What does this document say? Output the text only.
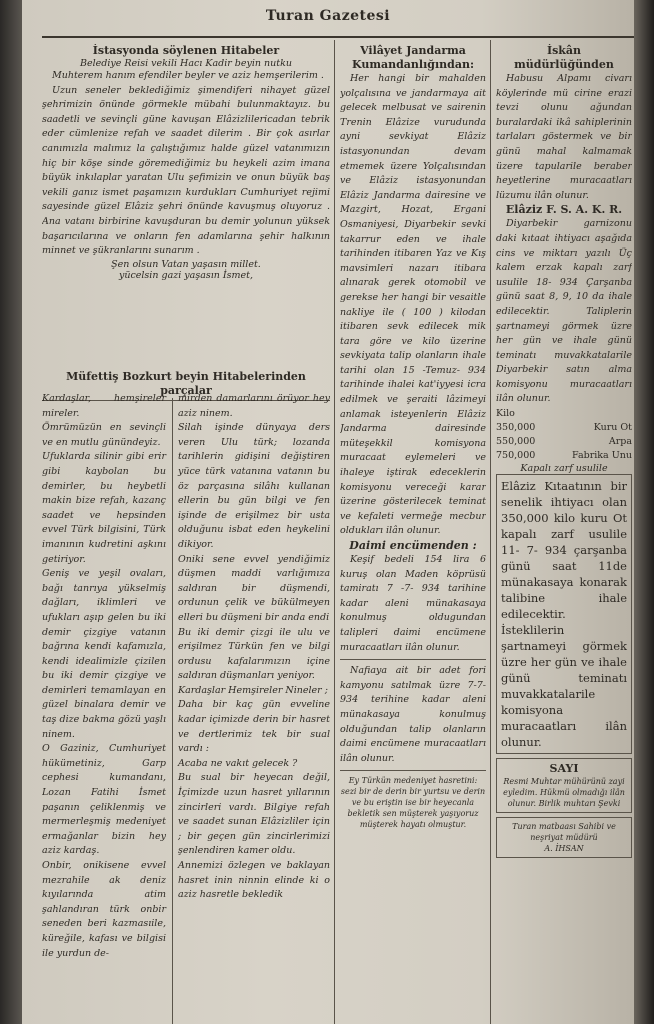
Turan Gazetesi
İstasyonda söylenen Hitabeler
Belediye Reisi vekili Hacı Kadir beyin nutku

Muhterem hanım efendiler beyler ve aziz hemşerilerim .

Uzun seneler beklediğimiz şimendiferi nihayet güzel şehrimizin önünde görmekle mübahi bulunmaktayız. bu saadetli ve sevinçli güne kavuşan Elâzizlilericadan tebrik eder cümlenize refah ve saadet dilerim . Bir çok asırlar canımızla malımız la çalıştığımız halde güzel vatanımızın hiç bir köşe sinde göremediğimiz bu heykeli azim imana büyük inkılaplar yaratan Ulu şefimizin ve onun büyük baş vekili ganız ismet paşamızın kurdukları Cumhuriyet rejimi sayesinde güzel Elâziz şehri önünde kavuşmuş oluyoruz . Ana vatanı birbirine kavuşduran bu demir yolunun yüksek başarıcılarına ve onların fen adamlarına şehir halkının minnet ve şükranlarını sunarım .

Şen olsun Vatan yaşasın millet.
yücelsin gazi yaşasın İsmet,
Müfettiş Bozkurt beyin Hitabelerinden parçalar
Kardaşlar, hemşireler mireler.
Ömrümüzün en sevinçli ve en mutlu günündeyiz.
Ufuklarda silinir gibi erir gibi kaybolan bu demirler, bu heybetli makin bize refah, kazanç saadet ve hepsinden evvel Türk bilgisini, Türk imanının kudretini aşkını getiriyor.
Geniş ve yeşil ovaları, bağı tanrıya yükselmiş dağları, iklimleri ve ufukları aşıp gelen bu iki demir çizgiye vatanın bağrına kendi kafamızla, kendi idealimizle çizilen bu iki demir çizgiye ve demirleri temamlayan en güzel binalara demir ve taş dize bakma gözü yaşlı ninem.
O Gaziniz, Cumhuriyet hükümetiniz, Garp cephesi kumandanı, Lozan Fatihi İsmet paşanın çeliklenmiş ve mermerleşmiş medeniyet ermağanlar bizin hey aziz kardaş.
Onbir, onikisene evvel mezrahile ak deniz kıyılarında atim şahlandıran türk onbir seneden beri kazmasıile, küreğile, kafası ve bilgisi ile yurdun de-
mirden damarlarını örüyor hey aziz ninem.
Silah işinde dünyaya ders veren Ulu türk; lozanda tarihlerin gidişini değiştiren yüce türk vatanına vatanın bu öz parçasına silâhı kullanan ellerin bu gün bilgi ve fen işinde de erişilmez bir usta olduğunu isbat eden heykelini dikiyor.
Oniki sene evvel yendiğimiz düşmen maddi varlığımıza saldıran bir düşmendi, ordunun çelik ve bükülmeyen elleri bu düşmeni bir anda endi
Bu iki demir çizgi ile ulu ve erişilmez Türkün fen ve bilgi ordusu kafalarımızın içine saldıran düşmanları yeniyor.
Kardaşlar Hemşireler Nineler ;
Daha bir kaç gün evveline kadar içimizde derin bir hasret ve dertlerimiz tek bir sual vardı :
Acaba ne vakıt gelecek ?
Bu sual bir heyecan değil, İçimizde uzun hasret yıllarının zincirleri vardı. Bilgiye refah ve saadet sunan Elâzizliler için ; bir geçen gün zincirlerimizi şenlendiren kamer oldu.
Annemizi özlegen ve baklayan hasret inin ninnin elinde ki o aziz hasretle bekledik
Vilâyet Jandarma Kumandanlığından:

Her hangi bir mahalden yolçalısına ve jandarmaya ait gelecek melbusat ve sairenin Trenin Elâzize vurudunda ayni sevkiyat Elâziz istasyonundan devam etmemek üzere Yolçalısından ve Elâziz istasyonundan Elâziz Jandarma dairesine ve Mazgirt, Hozat, Ergani Osmaniyesi, Diyarbekir sevki takarrur eden ve ihale tarihinden itibaren Yaz ve Kış mavsimleri nazarı itibara alınarak gerek otomobil ve gerekse her hangi bir vesaitle nakliye ile ( 100 ) kilodan itibaren sevk edilecek mik tara göre ve kilo üzerine sevkiyata talip olanların ihale tarihi olan 15 -Temuz- 934 tarihinde ihalei kat'iyyesi icra edilmek ve şeraiti lâzimeyi anlamak isteyenlerin Elâziz Jandarma dairesinde müteşekkil komisyona muracaat eylemeleri ve ihaleye iştirak edeceklerin komisyonu vereceği karar üzerine gösterilecek teminat ve kefaleti vermeğe mecbur oldukları ilân olunur.

Daimi encümenden :

Keşif bedeli 154 lira 6 kuruş olan Maden köprüsü tamiratı 7 -7- 934 tarihine kadar aleni münakasaya konulmuş oldugundan talipleri daimi encümene muracaatları ilân olunur.

Nafiaya ait bir adet fori kamyonu satılmak üzre 7-7- 934 terihine kadar aleni münakasaya konulmuş olduğundan talip olanların daimi encümene muracaatları ilân olunur.

Ey Türkün medeniyet hasretini: sezi bir de derin bir yurtsu ve derin ve bu eriştin ise bir heyecanla bekletik sen müşterek yaşıyoruz müşterek hayatı olmuştur.
İskân müdürlüğünden

Habusu Alpamı civarı köylerinde mü cirine erazi tevzi olunu ağundan buralardaki ikâ sahiplerinin tarlaları göstermek ve bir günü mahal kalmamak üzere tapularile beraber heyetlerine muracaatları lüzumu ilân olunur.

Elâziz F. S. A. K. R.

Diyarbekir garnizonu daki kıtaat ihtiyacı aşağıda cins ve miktarı yazılı Üç kalem erzak kapalı zarf usulile 18- 934 Çarşanba günü saat 8, 9, 10 da ihale edilecektir. Taliplerin şartnameyi görmek üzre her gün ve ihale günü teminatı muvakkatalarile Diyarbekir satın alma komisyonu muracaatları ilân olunur.

Kilo
350,000	Kuru Ot
550,000	Arpa
750,000	Fabrika Unu
Kapalı zarf usulile
Elâziz Kıtaatının bir senelik ihtiyacı olan 350,000 kilo kuru Ot kapalı zarf usulile 11- 7- 934 çarşanba günü saat 11de münakasaya konarak talibine ihale edilecektir. İsteklilerin şartnameyi görmek üzre her gün ve ihale günü teminatı muvakkatalarile komisyona muracaatları ilân olunur.
SAYI
Resmi Muhtar mühürünü zayi eyledim. Hükmü olmadığı ilân olunur. Birlik muhtarı Şevki
Turan matbaası Sahibi ve neşriyat müdürü
A. İHSAN
